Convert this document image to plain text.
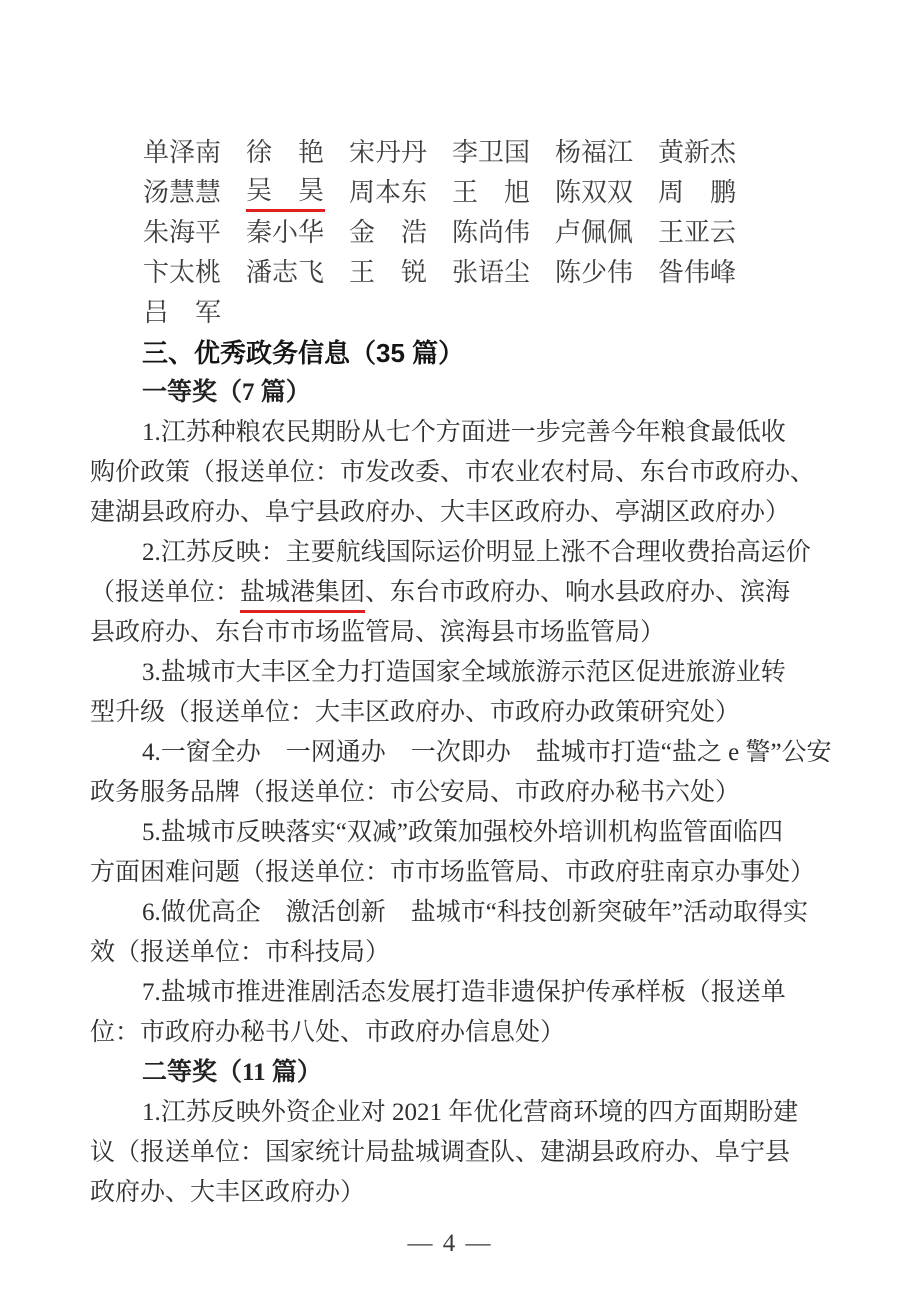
单泽南 徐　艳 宋丹丹 李卫国 杨福江 黄新杰
汤慧慧 吴　昊 周本东 王　旭 陈双双 周　鹏
朱海平 秦小华 金　浩 陈尚伟 卢佩佩 王亚云
卞太桃 潘志飞 王　锐 张语尘 陈少伟 昝伟峰
吕　军
三、优秀政务信息（35 篇）
一等奖（7 篇）
1.江苏种粮农民期盼从七个方面进一步完善今年粮食最低收
购价政策（报送单位：市发改委、市农业农村局、东台市政府办、
建湖县政府办、阜宁县政府办、大丰区政府办、亭湖区政府办）
2.江苏反映：主要航线国际运价明显上涨不合理收费抬高运价
（报送单位：盐城港集团、东台市政府办、响水县政府办、滨海
县政府办、东台市市场监管局、滨海县市场监管局）
3.盐城市大丰区全力打造国家全域旅游示范区促进旅游业转
型升级（报送单位：大丰区政府办、市政府办政策研究处）
4.一窗全办　一网通办　一次即办　盐城市打造“盐之 e 警”公安
政务服务品牌（报送单位：市公安局、市政府办秘书六处）
5.盐城市反映落实“双减”政策加强校外培训机构监管面临四
方面困难问题（报送单位：市市场监管局、市政府驻南京办事处）
6.做优高企　激活创新　盐城市“科技创新突破年”活动取得实
效（报送单位：市科技局）
7.盐城市推进淮剧活态发展打造非遗保护传承样板（报送单
位：市政府办秘书八处、市政府办信息处）
二等奖（11 篇）
1.江苏反映外资企业对 2021 年优化营商环境的四方面期盼建
议（报送单位：国家统计局盐城调查队、建湖县政府办、阜宁县
政府办、大丰区政府办）
— 4 —
